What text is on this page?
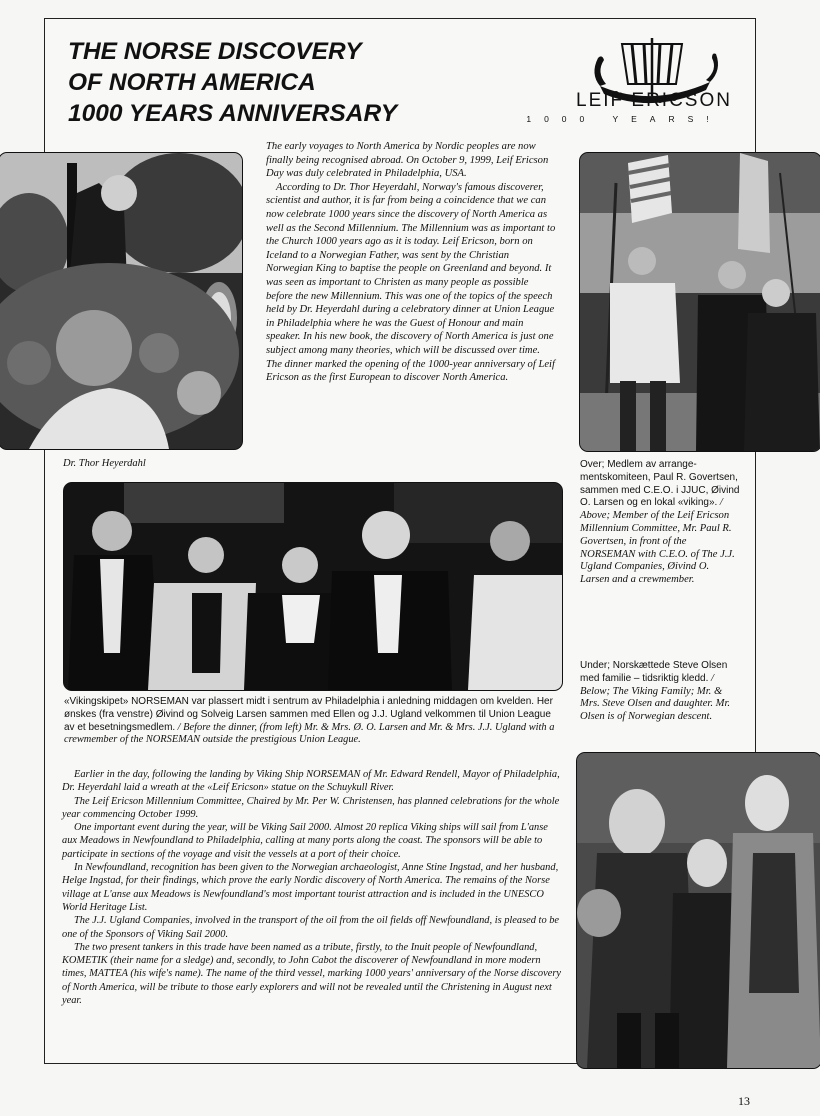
THE NORSE DISCOVERY
OF NORTH AMERICA
1000 YEARS ANNIVERSARY	LEIF ERICSON
1000 YEARS!

The early voyages to North America by Nordic peoples are now finally being recognised abroad. On October 9, 1999, Leif Ericson Day was duly celebrated in Philadelphia, USA.

According to Dr. Thor Heyerdahl, Norway's famous discoverer, scientist and author, it is far from being a coincidence that we can now celebrate 1000 years since the discovery of North America as well as the Second Millennium. The Millennium was as important to the Church 1000 years ago as it is today. Leif Ericson, born on Iceland to a Norwegian Father, was sent by the Christian Norwegian King to baptise the people on Greenland and beyond. It was seen as important to Christen as many people as possible before the new Millennium. This was one of the topics of the speech held by Dr. Heyerdahl during a celebratory dinner at Union League in Philadelphia where he was the Guest of Honour and main speaker. In his new book, the discovery of North America is just one subject among many theories, which will be discussed over time. The dinner marked the opening of the 1000-year anniversary of Leif Ericson as the first European to discover North America.

Dr. Thor Heyerdahl	Over; Medlem av arrange-mentskomiteen, Paul R. Govertsen, sammen med C.E.O. i JJUC, Øivind O. Larsen og en lokal «viking». / Above; Member of the Leif Ericson Millennium Committee, Mr. Paul R. Govertsen, in front of the NORSEMAN with C.E.O. of The J.J. Ugland Companies, Øivind O. Larsen and a crewmember.
Under; Norskættede Steve Olsen med familie – tidsriktig kledd. / Below; The Viking Family; Mr. & Mrs. Steve Olsen and daughter. Mr. Olsen is of Norwegian descent.
«Vikingskipet» NORSEMAN var plassert midt i sentrum av Philadelphia i anledning middagen om kvelden. Her ønskes (fra venstre) Øivind og Solveig Larsen sammen med Ellen og J.J. Ugland velkommen til Union League av et besetningsmedlem. / Before the dinner, (from left) Mr. & Mrs. Ø. O. Larsen and Mr. & Mrs. J.J. Ugland with a crewmember of the NORSEMAN outside the prestigious Union League.

Earlier in the day, following the landing by Viking Ship NORSEMAN of Mr. Edward Rendell, Mayor of Philadelphia, Dr. Heyerdahl laid a wreath at the «Leif Ericson» statue on the Schuykull River.

The Leif Ericson Millennium Committee, Chaired by Mr. Per W. Christensen, has planned celebrations for the whole year commencing October 1999.

One important event during the year, will be Viking Sail 2000. Almost 20 replica Viking ships will sail from L'anse aux Meadows in Newfoundland to Philadelphia, calling at many ports along the coast. The sponsors will be able to participate in sections of the voyage and visit the vessels at a port of their choice.

In Newfoundland, recognition has been given to the Norwegian archaeologist, Anne Stine Ingstad, and her husband, Helge Ingstad, for their findings, which prove the early Nordic discovery of North America. The remains of the Norse village at L'anse aux Meadows is Newfoundland's most important tourist attraction and is included in the UNESCO World Heritage List.

The J.J. Ugland Companies, involved in the transport of the oil from the oil fields off Newfoundland, is pleased to be one of the Sponsors of Viking Sail 2000.

The two present tankers in this trade have been named as a tribute, firstly, to the Inuit people of Newfoundland, KOMETIK (their name for a sledge) and, secondly, to John Cabot the discoverer of Newfoundland in more modern times, MATTEA (his wife's name). The name of the third vessel, marking 1000 years' anniversary of the Norse discovery of North America, will be tribute to those early explorers and will not be revealed until the Christening in August next year.

13
